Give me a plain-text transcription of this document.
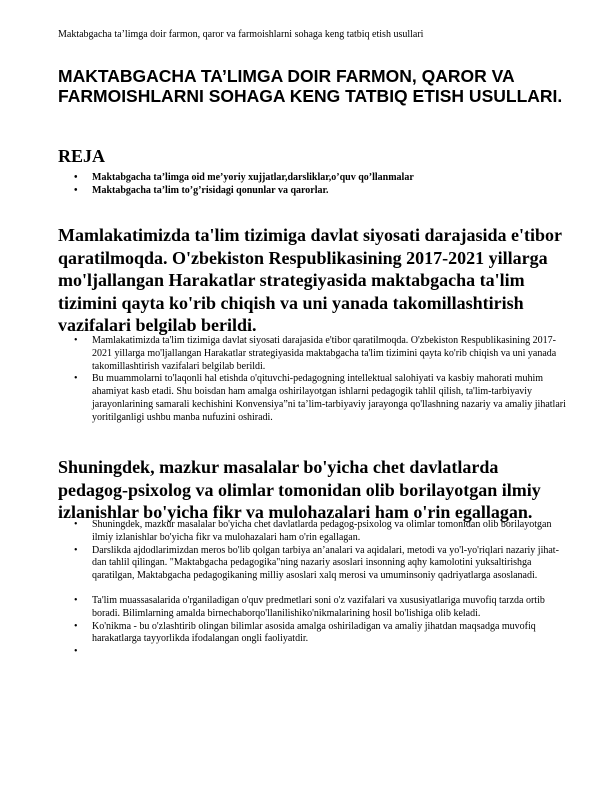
Maktabgacha ta’limga doir farmon, qaror va farmoishlarni sohaga keng tatbiq etish usullari
MAKTABGACHA TA’LIMGA DOIR FARMON, QAROR VA FARMOISHLARNI SOHAGA KENG TATBIQ ETISH USULLARI.
REJA
• Maktabgacha ta’limga oid me’yoriy xujjatlar,darsliklar,o’quv qo’llanmalar
• Maktabgacha ta’lim to’g’risidagi qonunlar va qarorlar.
Mamlakatimizda ta'lim tizimiga davlat siyosati darajasida e'tibor qaratilmoqda. O'zbekiston Respublikasining 2017-2021 yillarga mo'ljallangan Harakatlar strategiyasida maktabgacha ta'lim tizimini qayta ko'rib chiqish va uni yanada takomillashtirish vazifalari belgilab berildi.
• Mamlakatimizda ta'lim tizimiga davlat siyosati darajasida e'tibor qaratilmoqda. O'zbekiston Respublikasining 2017-2021 yillarga mo'ljallangan Harakatlar strategiyasida maktabgacha ta'lim tizimini qayta ko'rib chiqish va uni yanada takomillashtirish vazifalari belgilab berildi.
• Bu muammolarni to'laqonli hal etishda o'qituvchi-pedagogning intellektual salohiyati va kasbiy mahorati muhim ahamiyat kasb etadi. Shu boisdan ham amalga oshirilayotgan ishlarni pedagogik tahlil qilish, ta'lim-tarbiyaviy jarayonlarining samarali kechishini Konvensiya”ni ta’lim-tarbiyaviy jarayonga qo'llashning nazariy va amaliy jihatlari yoritilganligi ushbu manba nufuzini oshiradi.
Shuningdek, mazkur masalalar bo'yicha chet davlatlarda pedagog-psixolog va olimlar tomonidan olib borilayotgan ilmiy izlanishlar bo'yicha fikr va mulohazalari ham o'rin egallagan.
• Shuningdek, mazkur masalalar bo'yicha chet davlatlarda pedagog-psixolog va olimlar tomonidan olib borilayotgan ilmiy izlanishlar bo'yicha fikr va mulohazalari ham o'rin egallagan.
• Darslikda ajdodlarimizdan meros bo'lib qolgan tarbiya an’analari va aqidalari, metodi va yo'l-yo'riqlari nazariy jihat- dan tahlil qilingan. "Maktabgacha pedagogika"ning nazariy asoslari insonning aqhy kamolotini yuksaltirishga qaratilgan, Maktabgacha pedagogikaning milliy asoslari xalq merosi va umuminsoniy qadriyatlarga asoslanadi.
• Ta'lim muassasalarida o'rganiladigan o'quv predmetlari soni o'z vazifalari va xususiyatlariga muvofiq tarzda ortib boradi. Bilimlarning amalda birnechaborqo'llanilishiko'nikmalarining hosil bo'lishiga olib keladi.
• Ko'nikma - bu o'zlashtirib olingan bilimlar asosida amalga oshiriladigan va amaliy jihatdan maqsadga muvofiq harakatlarga tayyorlikda ifodalangan ongli faoliyatdir.
•
